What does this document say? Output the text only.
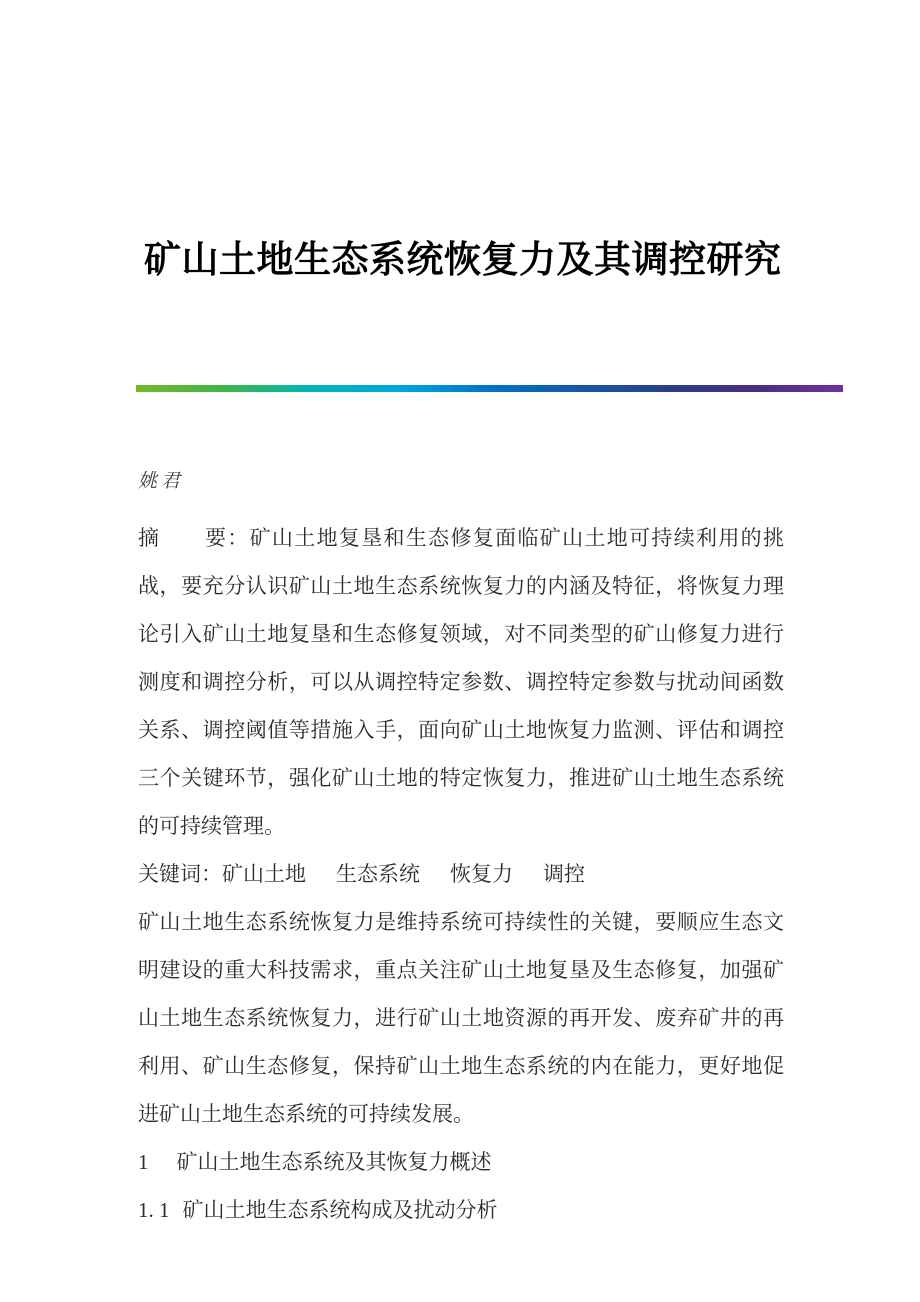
矿山土地生态系统恢复力及其调控研究
姚君

摘　　要：矿山土地复垦和生态修复面临矿山土地可持续利用的挑战，要充分认识矿山土地生态系统恢复力的内涵及特征，将恢复力理论引入矿山土地复垦和生态修复领域，对不同类型的矿山修复力进行测度和调控分析，可以从调控特定参数、调控特定参数与扰动间函数关系、调控阈值等措施入手，面向矿山土地恢复力监测、评估和调控三个关键环节，强化矿山土地的特定恢复力，推进矿山土地生态系统的可持续管理。

关键词：矿山土地 生态系统 恢复力 调控

矿山土地生态系统恢复力是维持系统可持续性的关键，要顺应生态文明建设的重大科技需求，重点关注矿山土地复垦及生态修复，加强矿山土地生态系统恢复力，进行矿山土地资源的再开发、废弃矿井的再利用、矿山生态修复，保持矿山土地生态系统的内在能力，更好地促进矿山土地生态系统的可持续发展。

1 矿山土地生态系统及其恢复力概述

1. 1 矿山土地生态系统构成及扰动分析
